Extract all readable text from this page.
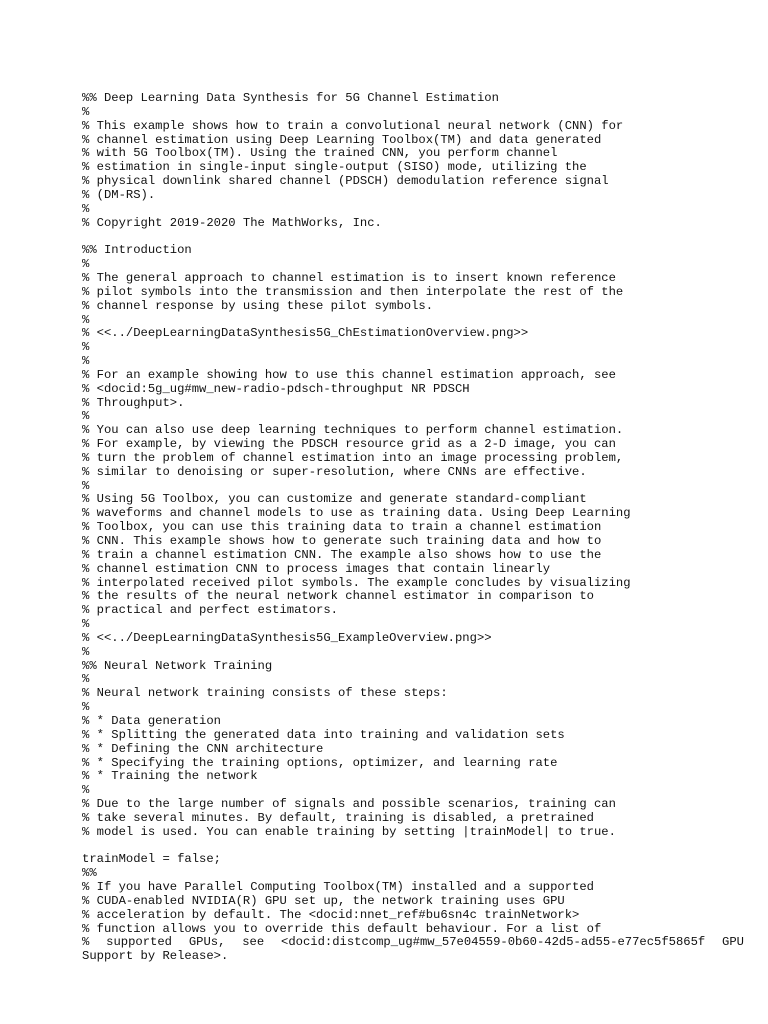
%% Deep Learning Data Synthesis for 5G Channel Estimation
%
% This example shows how to train a convolutional neural network (CNN) for
% channel estimation using Deep Learning Toolbox(TM) and data generated
% with 5G Toolbox(TM). Using the trained CNN, you perform channel
% estimation in single-input single-output (SISO) mode, utilizing the
% physical downlink shared channel (PDSCH) demodulation reference signal
% (DM-RS).
%
% Copyright 2019-2020 The MathWorks, Inc.
%% Introduction
%
% The general approach to channel estimation is to insert known reference
% pilot symbols into the transmission and then interpolate the rest of the
% channel response by using these pilot symbols.
%
% <<../DeepLearningDataSynthesis5G_ChEstimationOverview.png>>
%
%
% For an example showing how to use this channel estimation approach, see
% <docid:5g_ug#mw_new-radio-pdsch-throughput NR PDSCH
% Throughput>.
%
% You can also use deep learning techniques to perform channel estimation.
% For example, by viewing the PDSCH resource grid as a 2-D image, you can
% turn the problem of channel estimation into an image processing problem,
% similar to denoising or super-resolution, where CNNs are effective.
%
% Using 5G Toolbox, you can customize and generate standard-compliant
% waveforms and channel models to use as training data. Using Deep Learning
% Toolbox, you can use this training data to train a channel estimation
% CNN. This example shows how to generate such training data and how to
% train a channel estimation CNN. The example also shows how to use the
% channel estimation CNN to process images that contain linearly
% interpolated received pilot symbols. The example concludes by visualizing
% the results of the neural network channel estimator in comparison to
% practical and perfect estimators.
%
% <<../DeepLearningDataSynthesis5G_ExampleOverview.png>>
%
%% Neural Network Training
%
% Neural network training consists of these steps:
%
% * Data generation
% * Splitting the generated data into training and validation sets
% * Defining the CNN architecture
% * Specifying the training options, optimizer, and learning rate
% * Training the network
%
% Due to the large number of signals and possible scenarios, training can
% take several minutes. By default, training is disabled, a pretrained
% model is used. You can enable training by setting |trainModel| to true.
trainModel = false;
%%
% If you have Parallel Computing Toolbox(TM) installed and a supported
% CUDA-enabled NVIDIA(R) GPU set up, the network training uses GPU
% acceleration by default. The <docid:nnet_ref#bu6sn4c trainNetwork>
% function allows you to override this default behaviour. For a list of
% supported GPUs, see <docid:distcomp_ug#mw_57e04559-0b60-42d5-ad55-e77ec5f5865f GPU
Support by Release>.
